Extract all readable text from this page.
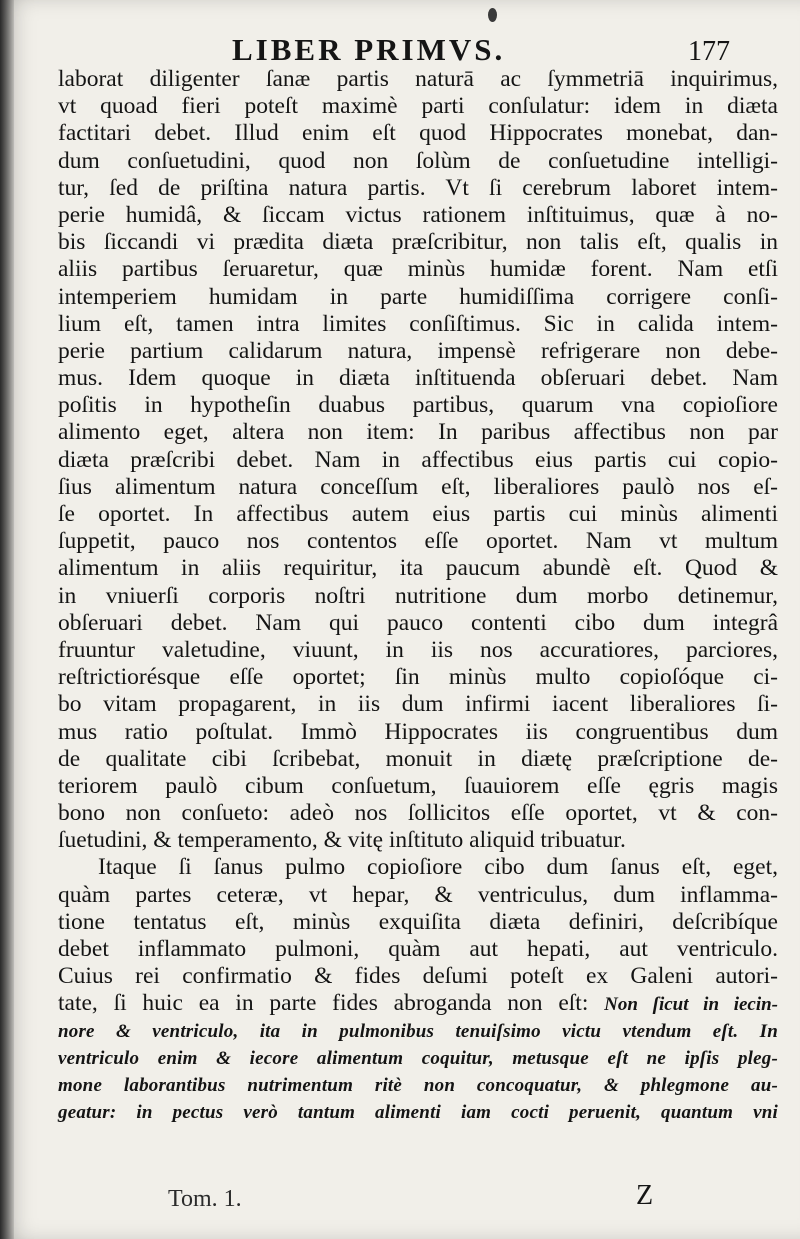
LIBER PRIMVS.	177
laborat diligenter ſanæ partis naturā ac ſymmetriā inquirimus,
vt quoad fieri poteſt maximè parti conſulatur: idem in diæta
factitari debet. Illud enim eſt quod Hippocrates monebat, dan-
dum conſuetudini, quod non ſolùm de conſuetudine intelligi-
tur, ſed de priſtina natura partis. Vt ſi cerebrum laboret intem-
perie humidâ, & ſiccam victus rationem inſtituimus, quæ à no-
bis ſiccandi vi prædita diæta præſcribitur, non talis eſt, qualis in
aliis partibus ſeruaretur, quæ minùs humidæ forent. Nam etſi
intemperiem humidam in parte humidiſſima corrigere conſi-
lium eſt, tamen intra limites conſiſtimus. Sic in calida intem-
perie partium calidarum natura, impensè refrigerare non debe-
mus. Idem quoque in diæta inſtituenda obſeruari debet. Nam
poſitis in hypotheſin duabus partibus, quarum vna copioſiore
alimento eget, altera non item: In paribus affectibus non par
diæta præſcribi debet. Nam in affectibus eius partis cui copio-
ſius alimentum natura conceſſum eſt, liberaliores paulò nos eſ-
ſe oportet. In affectibus autem eius partis cui minùs alimenti
ſuppetit, pauco nos contentos eſſe oportet. Nam vt multum
alimentum in aliis requiritur, ita paucum abundè eſt. Quod &
in vniuerſi corporis noſtri nutritione dum morbo detinemur,
obſeruari debet. Nam qui pauco contenti cibo dum integrâ
fruuntur valetudine, viuunt, in iis nos accuratiores, parciores,
reſtrictiorésque eſſe oportet; ſin minùs multo copioſóque ci-
bo vitam propagarent, in iis dum infirmi iacent liberaliores ſi-
mus ratio poſtulat. Immò Hippocrates iis congruentibus dum
de qualitate cibi ſcribebat, monuit in diætę præſcriptione de-
teriorem paulò cibum conſuetum, ſuauiorem eſſe ęgris magis
bono non conſueto: adeò nos ſollicitos eſſe oportet, vt & con-
ſuetudini, & temperamento, & vitę inſtituto aliquid tribuatur.
Itaque ſi ſanus pulmo copioſiore cibo dum ſanus eſt, eget,
quàm partes ceteræ, vt hepar, & ventriculus, dum inflamma-
tione tentatus eſt, minùs exquiſita diæta definiri, deſcribíque
debet inflammato pulmoni, quàm aut hepati, aut ventriculo.
Cuius rei confirmatio & fides deſumi poteſt ex Galeni autori-
tate, ſi huic ea in parte fides abroganda non eſt: Non ſicut in iecin-
nore & ventriculo, ita in pulmonibus tenuiſsimo victu vtendum eſt. In
ventriculo enim & iecore alimentum coquitur, metusque eſt ne ipſis pleg-
mone laborantibus nutrimentum ritè non concoquatur, & phlegmone au-
geatur: in pectus verò tantum alimenti iam cocti peruenit, quantum vni
Tom. 1.	Z
